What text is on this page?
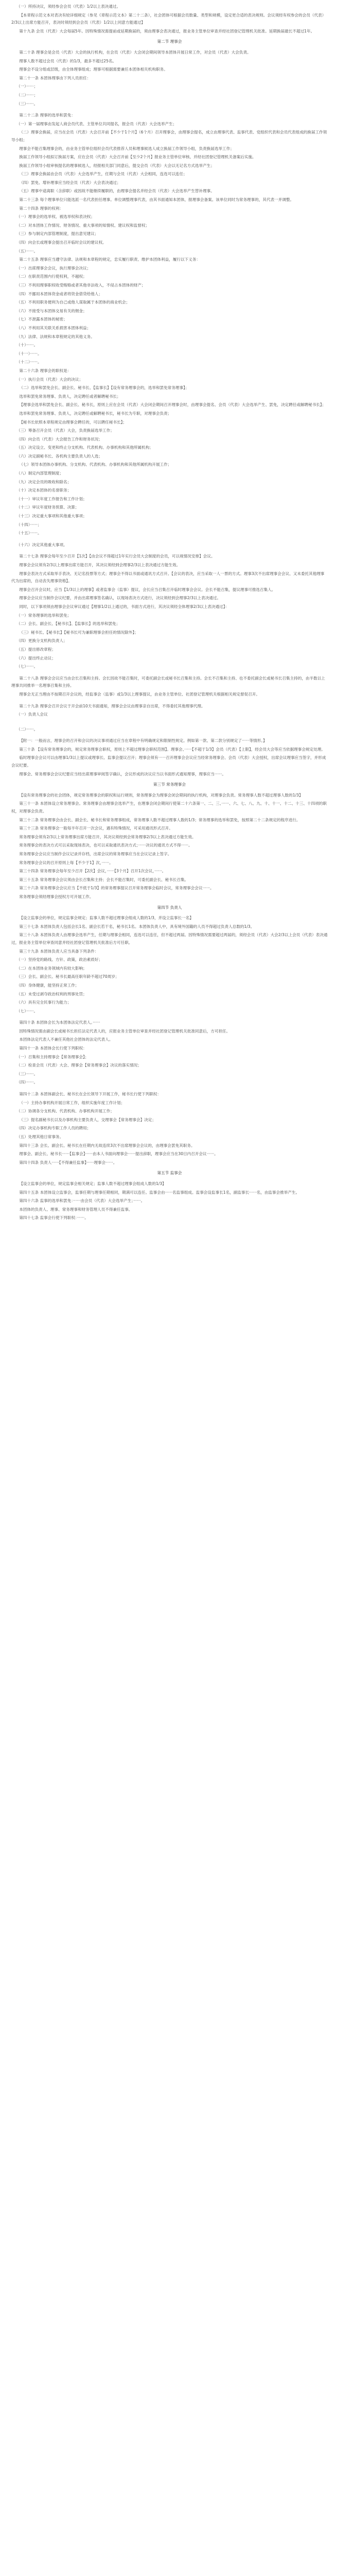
（一）所持决议，须经参会会员（代表）1/2以上表决通过。
【本章程示范文本对表决有较详细规定（参见《章程示范文本》第二十二条），社会团体可根据会员数量、类型和规模，设定更合适的表决规则。会议须经有权参会的会员（代表）2/3以上出席方能召开，表决时须经到会会员（代表）1/2以上同意方能通过】
第十九条 会员（代表）大会每届5年。因特殊情况需提前或延期换届的，须由理事会表决通过，报业务主管单位审查并经社团登记管理机关批准。延期换届最长不超过1年。
第二节 理事会
第二十条 理事会是会员（代表）大会的执行机构，在会员（代表）大会闭会期间领导本团体开展日常工作，对会员（代表）大会负责。
理事人数不超过会员（代表）的1/3，最多不超过25名。
理事会不设分组或层级，由全体理事组成；理事可根据需要兼任本团体相关机构职务。
第二十一条 本团体理事由下列人员担任：
（一）······；
（二）······；
（三）······。
第二十二条 理事的选举和罢免：
（一）第一届理事由发起人商会员代表、主管单位共同提名，报会员（代表）大会选举产生；
（二）理事会换届，应当在会员（代表）大会召开前【不少于1个月】（6个月）召开理事会，由理事会提名，成立由理事代表、监事代表、党组织代表和会员代表组成的换届工作领导小组；
理事会不能召集理事会的，由业务主管单位组织会员代表推荐人员和理事候选人成立换届工作领导小组，负责换届选举工作；
换届工作领导小组拟订换届方案，应在会员（代表）大会召开前【至少2个月】报业务主管单位审核、并经社团登记管理机关备案后实施。
换届工作领导小组审核提名的理事候选人，经报相关部门同意后，提交会员（代表）大会以无记名方式选举产生；
（三）理事会换届由会员（代表）大会选举产生，任期与会员（代表）大会相同，连选可以连任；
（四）罢免、增补理事应当经会员（代表）大会表决通过；
（五）理事中途离职（含辞职）或因故不能继续履职的，由理事会提名并经会员（代表）大会选举产生替补理事。
第二十三条 每个理事单位只能选派一名代表担任理事。单位调整理事代表，由其书面通知本团体，报理事会备案。该单位同时为常务理事的，其代表一并调整。
第二十四条 理事的权利：
（一）理事会的选举权、被选举权和表决权；
（二）对本团体工作情况、财务情况、重大事项的知情权、建议权和监督权；
（三）参与制定内部管理制度，提出意见建议；
（四）向会长或理事会提出召开临时会议的建议权。
（五）······。
第二十五条 理事应当遵守法律、法规和本章程的规定，忠实履行职责、维护本团体利益，履行以下义务：
（一）出席理事会会议，执行理事会决议；
（二）在职责范围内行使权利，不越权；
（三）不利用理事职权收受贿赂或者其他非法收入，不侵占本团体的财产；
（四）不挪用本团体资金或者将资金借贷给他人；
（五）不利用职务便利为自己或他人谋取属于本团体的商业机会；
（六）不接受与本团体交易有关的佣金；
（七）不泄露本团体的秘密；
（八）不利用其关联关系损害本团体利益；
（九）法律、法规和本章程规定的其他义务。
（十）······。
（十一）······。
（十二）······。
第二十六条 理事会的职权是：
（一）执行会员（代表）大会的决议；
（二）选举和罢免会长、副会长、秘书长、【监事长】【设有常务理事会的，选举和罢免常务理事】；
选举和罢免常务理事、负责人，决定聘任或者解聘秘书长；
【理事会选举和罢免会长、副会长、秘书长，原则上应在会员（代表）大会闭会期间召开理事会时，由理事会提名、会员（代表）大会选举产生、罢免，决定聘任或解聘秘书长】；
选举和罢免常务理事、负责人，决定聘任或解聘秘书长，秘书长为专职，对理事会负责；
【秘书长依照本章程规定由理事会聘任的，可以聘任秘书长】；
（三）筹备召开会员（代表）大会，负责换届选举工作；
（四）向会员（代表）大会报告工作和财务状况；
（五）决定设立、变更和终止分支机构、代表机构、办事机构和其他所属机构；
（六）决定副秘书长、各机构主要负责人的人选；
（七）领导本团体办事机构、分支机构、代表机构、办事机构和其他所属机构开展工作；
（八）制定内部管理制度；
（九）决定会员的吸收和除名；
（十）决定本团体的名誉职务；
（十一）审议年度工作报告和工作计划；
（十二）审议年度财务预算、决算；
（十三）决定重大事项和其他重大事项；
（十四）······；
（十五）······。
（十六）决定其他重大事项。
第二十七条 理事会每年至少召开【1次】【由会议不得超过1年实行会员大会制度的会员，可以视情况安排】会议。
理事会会议须有2/3以上理事出席方能召开，其决议须经到会理事2/3以上表决通过方能生效。
理事会表决方式采取举手表决、无记名投票等方式；理事会不得以书面或通讯方式召开。【会议的表决，应当采取一人一票的方式。理事3次不出席理事会会议、又未委托其他理事代为出席的，自动丧失理事资格】。
理事会召开会议时，应当【1/3以上的理事】或者监事会（监事）提议，会长应当召集召开临时理事会会议。会长不能召集，提议理事可推选召集人。
理事会会议应当制作会议纪要，并由出席理事签名确认，以现场表决方式进行，决议须经到会理事2/3以上表决通过。
同时，以下事项须由理事会会议审议通过【理事1/2以上通过的，书面方式进行，其决议须经全体理事2/3以上表决通过】：
（一）常务理事的选举和罢免；
（二）会长、副会长、【秘书长】、【监事长】的选举和罢免；
（三）秘书长、【秘书长】【秘书长可为兼职理事会担任的情况除外】；
（四）更换分支机构负责人；
（五）提出修改章程；
（六）提出终止动议；
（七）······。
第二十八条 理事会会议应当由会长召集和主持。会长因故不能召集时，可委托副会长或秘书长召集和主持。会长不召集和主持、也不委托副会长或秘书长召集主持的，由半数以上理事共同推举一名理事召集和主持。
理事会无正当理由不按期召开会议的，经监事会（监事）或1/3以上理事提议，由业务主管单位、社团登记管理机关根据相关规定督促召开。
第二十九条 理事会召开会议于开会前10天书面通知，理事会会议由理事亲自出席，不得委托其他理事代理。
（一）负责人会议
（二）······。
【附一：一般而言，理事会的召开和会议的决议事项通过应当在章程中有明确规定和限制性规定。例如第一款、第二款分别规定了······等情形。】
第三十条 【设有常务理事会的，规定常务理事会职权，原则上不超过理事会职权范围】。理事会、······【不超于1/3】会员（代表）【上限】，经会员大会等应当依据理事会规定处理。
临时理事会会议可以由理事1/3以上提议或理事长、监事会提议召开；理事会须有······召开理事会会议应当经常务理事会、会员（代表）大会授权，出席会议理事应当签字，并形成会议纪要。
理事会、常务理事会会议纪要应当经出席理事审阅签字确认，会议形成的决议应当以书面形式通知理事，理事应当······。
第三节 常务理事会
【设有常务理事会的社会团体，规定常务理事会的职权和运行规则，常务理事会为理事会闭会期间的执行机构，对理事会负责。常务理事人数不超过理事人数的1/3】
第三十一条 本团体设立常务理事会。常务理事会由理事会选举产生，在理事会闭会期间行使第二十六条第一、二、三、······、六、七、八、九、十、十一、十二、十三、十四项的职权，对理事会负责。
第三十二条 常务理事会由会长、副会长、秘书长和常务理事组成，常务理事人数不超过理事人数的1/3；常务理事的选举和罢免，按照第二十二条规定的程序进行。
第三十三条 常务理事会一般每半年召开一次会议，遇有特殊情况，可采用通讯形式召开。
常务理事会须有2/3以上常务理事出席方能召开，其决议须经到会常务理事2/3以上表决通过方能生效。
常务理事会的表决方式可以采取现场表决，也可以采取通讯表决方式；······决议的通讯方式不得······。
常务理事会会议应当制作会议记录并存档，出席会议的常务理事应当在会议记录上签字。
常务理事会会议的召开原则上每【不少于1】次，······。
第三十四条 常务理事会每年至少召开【2次】会议，······【3个月】召开1次会议，······。
第三十五条 常务理事会会议须由会长召集和主持；会长不能召集时，可委托副会长、秘书长召集。
第三十六条 常务理事会会议应当【不低于1/3】的常务理事提议召开常务理事会临时会议，常务理事会会议······。
常务理事会须经理事会授权方可开展工作。
第四节 负责人
【设立监事会的单位，规定监事会规定；监事人数不超过理事会组成人数的1/3，并设立监事长一名】
第三十七条 本团体负责人包括会长1名、副会长若干名，秘书长1名。本团体负责人中，具有境外国籍的人员不得超过负责人总数的1/3。
第三十八条 本团体负责人由理事会选举产生，任期与理事会相同，连选可以连任，但不超过两届。因特殊情况需要超过两届的，须经会员（代表）大会2/3以上会员（代表）表决通过，报业务主管单位审查同意并经社团登记管理机关批准后方可任职。
第三十九条 本团体负责人应当具备下列条件：
（一）坚持党的路线、方针、政策，政治素质好；
（二）在本团体业务领域内有较大影响；
（三）会长、副会长、秘书长最高任职年龄不超过70周岁；
（四）身体健康，能坚持正常工作；
（五）未受过剥夺政治权利的刑事处罚；
（六）具有完全民事行为能力；
（七）······。
第四十条 本团体会长为本团体法定代表人。······
因特殊情况需由副会长或秘书长担任法定代表人的，应报业务主管单位审查并经社团登记管理机关批准同意后，方可担任。
本团体法定代表人不兼任其他社会团体的法定代表人。
第四十一条 本团体会长行使下列职权：
（一）召集和主持理事会【常务理事会】；
（二）检查会员（代表）大会、理事会【常务理事会】决议的落实情况；
（三）······。
（四）······。
第四十二条 本团体副会长、秘书长在会长领导下开展工作，秘书长行使下列职权：
（一）主持办事机构开展日常工作，组织实施年度工作计划；
（二）协调各分支机构、代表机构、办事机构开展工作；
（三）提名副秘书长以及办事机构主要负责人，交理事会【常务理事会】决定；
（四）决定办事机构专职工作人员的聘用；
（五）处理其他日常事务。
第四十三条 会长、副会长、秘书长在任期内无故连续3次不出席理事会会议的，由理事会罢免其职务。
理事会、副会长、秘书长······【监事会】······由本人书面向理事会······提出辞职，理事会应当在30日内召开会议······。
第四十四条 负责人······【不得兼任监事】······理事会······。
第五节 监事会
【设立监事会的单位，规定监事会相关规定；监事人数不超过理事会组成人数的1/3】
第四十五条 本团体设立监事会，监事任期与理事任期相同，期满可以连任。监事会由······名监事组成。监事会设监事长1名，副监事长······名，由监事会推举产生。
第四十六条 监事的选举和罢免：······由会员（代表）大会选举产生；······。
本团体的负责人、理事、常务理事和财务管理人员不得兼任监事。
第四十七条 监事会行使下列职权：······。
